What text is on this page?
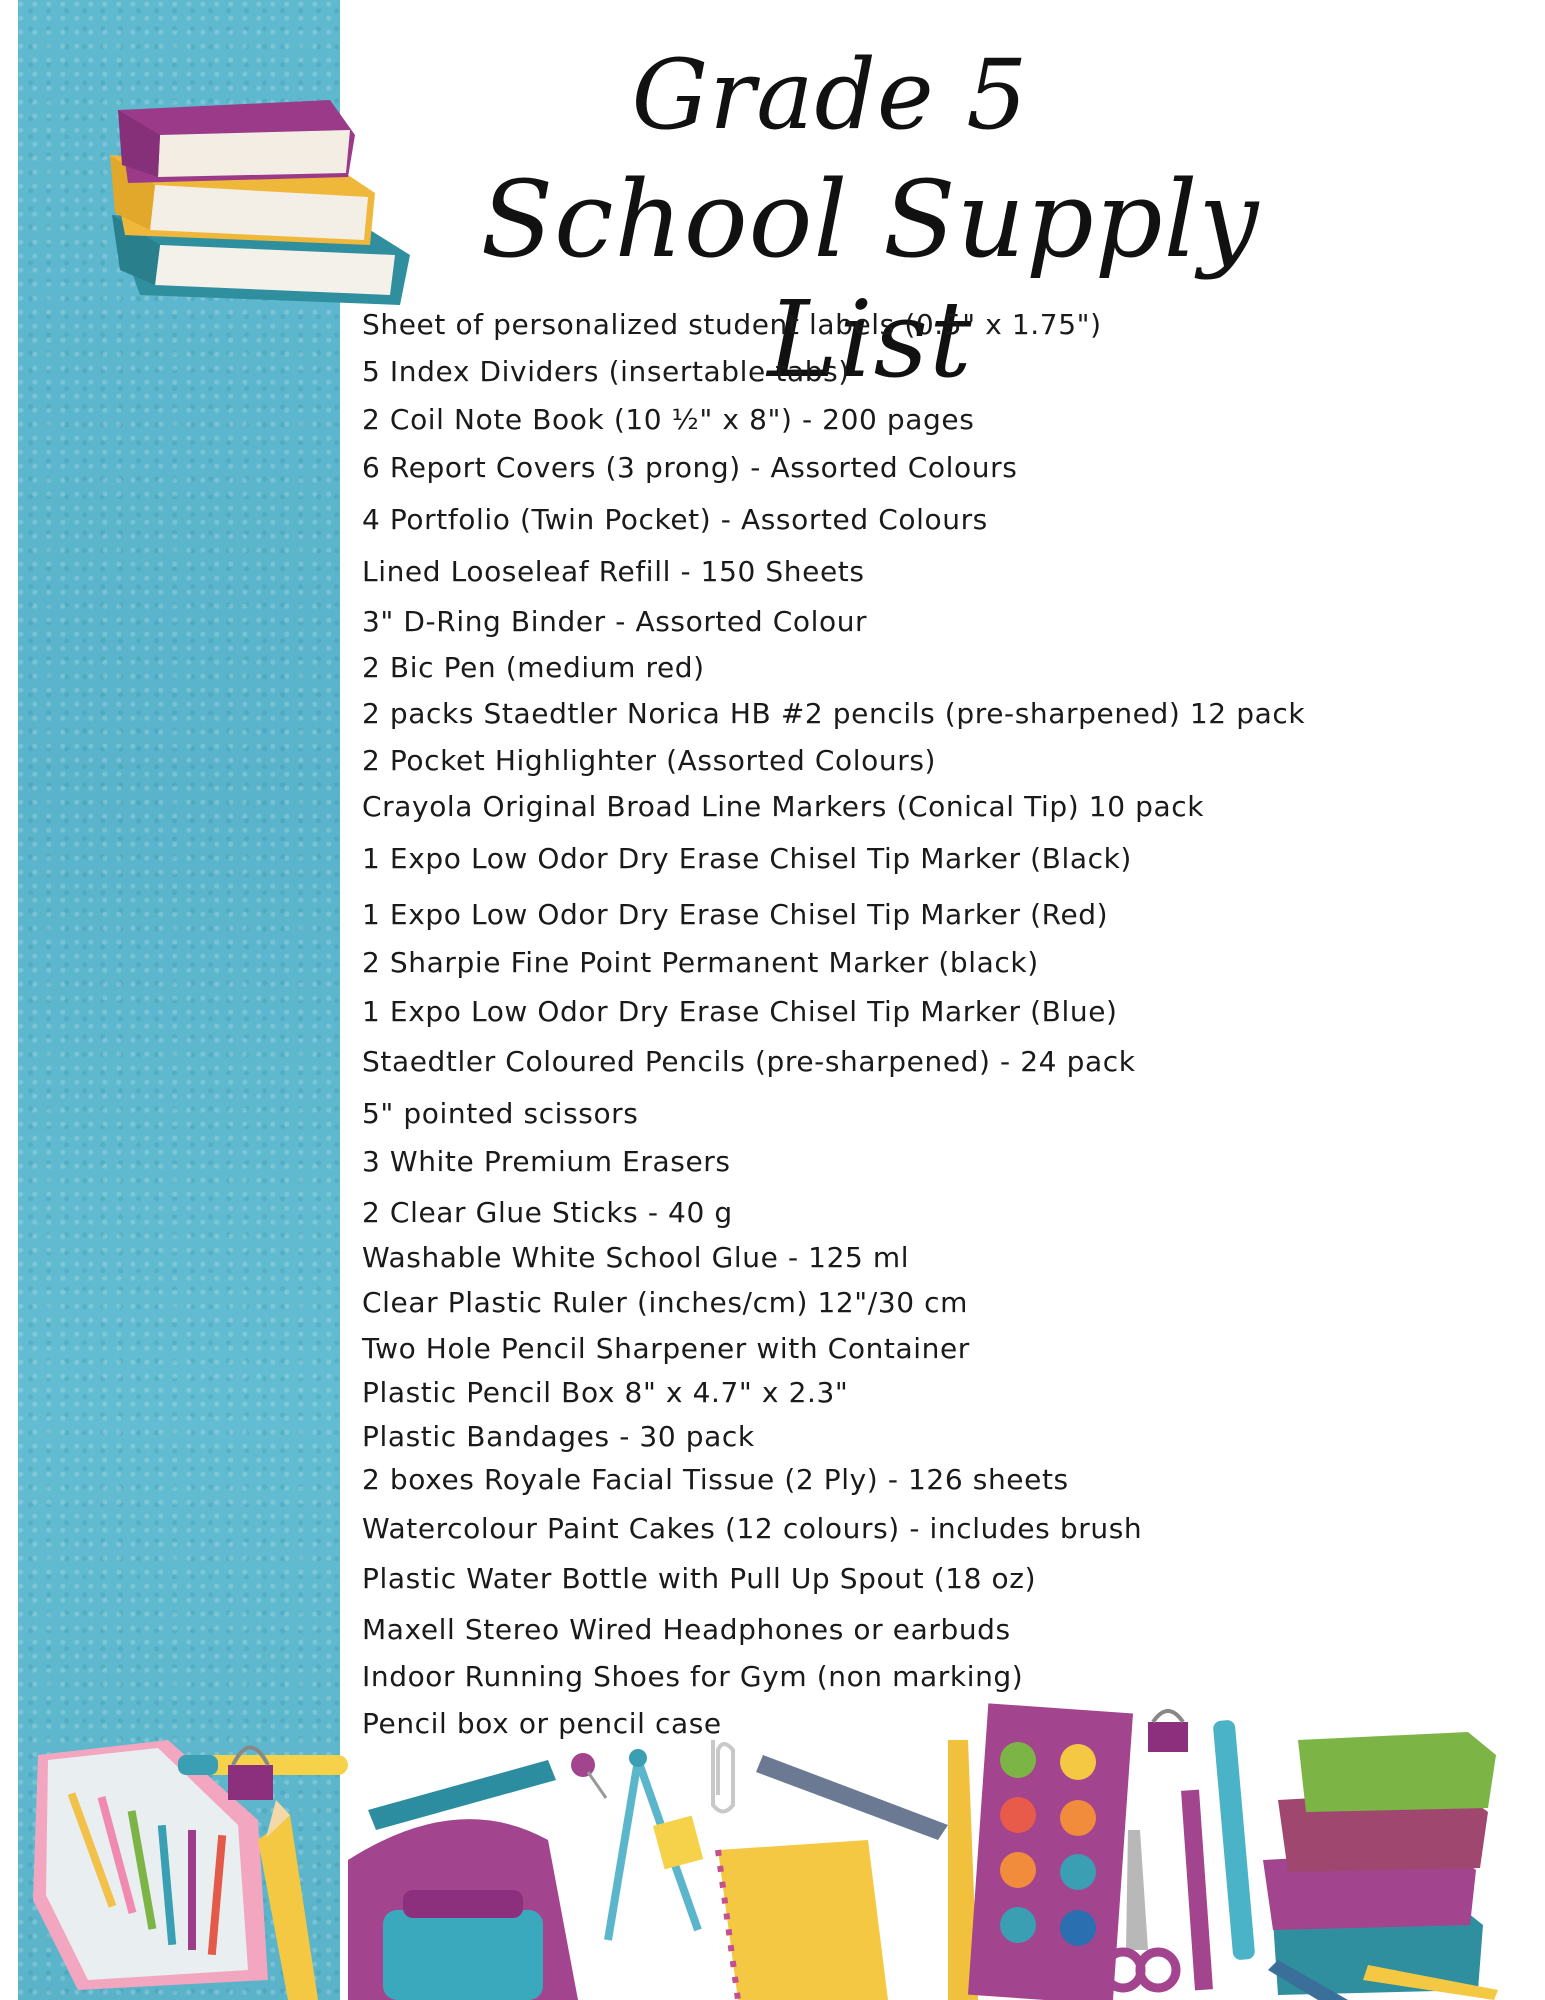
Grade 5
School Supply List
Sheet of personalized student labels (0.5" x 1.75")
5 Index Dividers (insertable tabs)
2 Coil Note Book (10 ½" x 8") - 200 pages
6 Report Covers (3 prong) - Assorted Colours
4 Portfolio (Twin Pocket) - Assorted Colours
Lined Looseleaf Refill - 150 Sheets
3" D-Ring Binder - Assorted Colour
2 Bic Pen (medium red)
2 packs Staedtler Norica HB #2 pencils (pre-sharpened) 12 pack
2 Pocket Highlighter (Assorted Colours)
Crayola Original Broad Line Markers (Conical Tip) 10 pack
1 Expo Low Odor Dry Erase Chisel Tip Marker (Black)
1 Expo Low Odor Dry Erase Chisel Tip Marker (Red)
2 Sharpie Fine Point Permanent Marker (black)
1 Expo Low Odor Dry Erase Chisel Tip Marker (Blue)
Staedtler Coloured Pencils (pre-sharpened) - 24 pack
5" pointed scissors
3 White Premium Erasers
2 Clear Glue Sticks - 40 g
Washable White School Glue - 125 ml
Clear Plastic Ruler (inches/cm) 12"/30 cm
Two Hole Pencil Sharpener with Container
Plastic Pencil Box 8" x 4.7" x 2.3"
Plastic Bandages - 30 pack
2 boxes Royale Facial Tissue (2 Ply) - 126 sheets
Watercolour Paint Cakes (12 colours) - includes brush
Plastic Water Bottle with Pull Up Spout (18 oz)
Maxell Stereo Wired Headphones or earbuds
Indoor Running Shoes for Gym (non marking)
Pencil box or pencil case
